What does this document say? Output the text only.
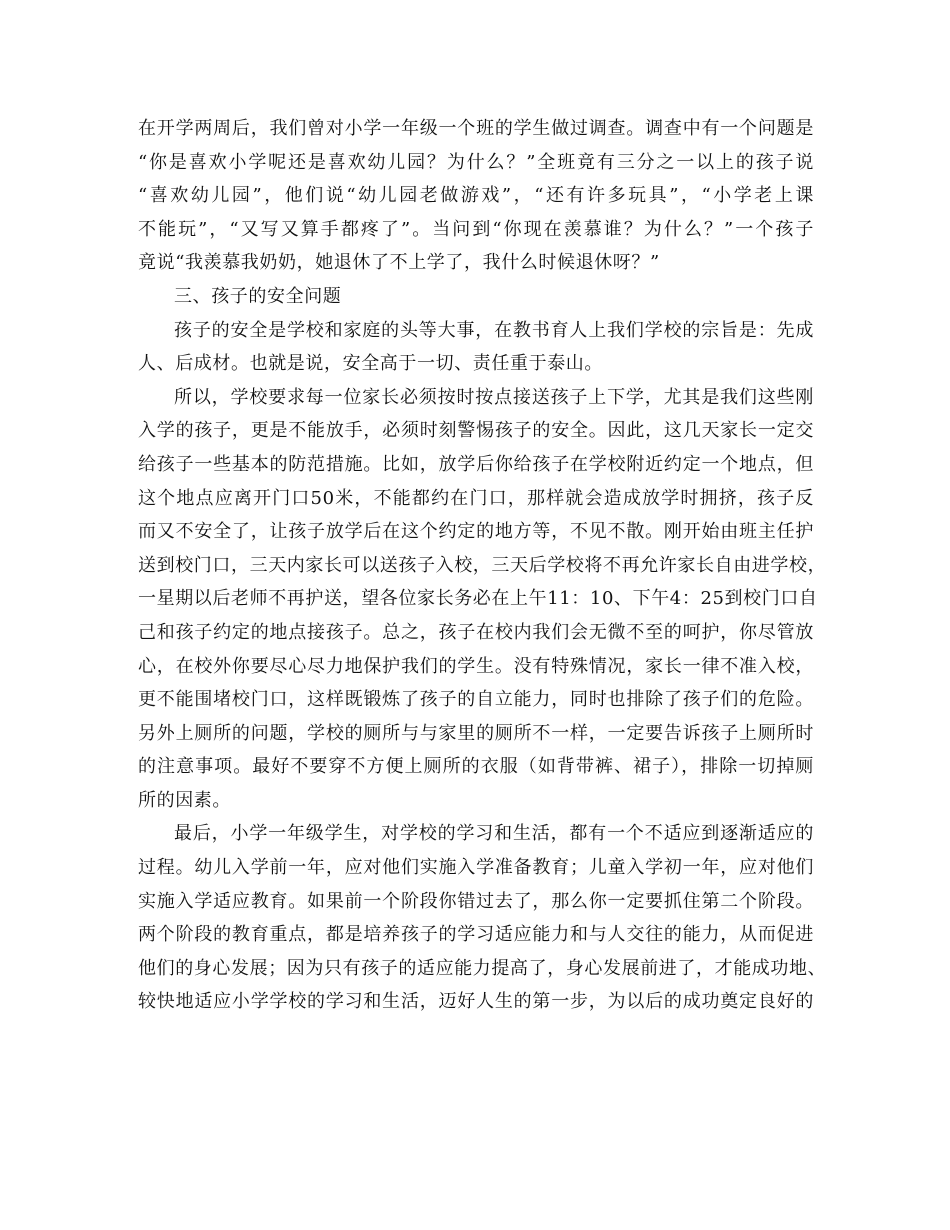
在开学两周后，我们曾对小学一年级一个班的学生做过调查。调查中有一个问题是
“你是喜欢小学呢还是喜欢幼儿园？为什么？”全班竟有三分之一以上的孩子说
“喜欢幼儿园”，他们说“幼儿园老做游戏”，“还有许多玩具”，“小学老上课
不能玩”，“又写又算手都疼了”。当问到“你现在羡慕谁？为什么？”一个孩子
竟说“我羡慕我奶奶，她退休了不上学了，我什么时候退休呀？”
三、孩子的安全问题
孩子的安全是学校和家庭的头等大事，在教书育人上我们学校的宗旨是：先成
人、后成材。也就是说，安全高于一切、责任重于泰山。
所以，学校要求每一位家长必须按时按点接送孩子上下学，尤其是我们这些刚
入学的孩子，更是不能放手，必须时刻警惕孩子的安全。因此，这几天家长一定交
给孩子一些基本的防范措施。比如，放学后你给孩子在学校附近约定一个地点，但
这个地点应离开门口50米，不能都约在门口，那样就会造成放学时拥挤，孩子反
而又不安全了，让孩子放学后在这个约定的地方等，不见不散。刚开始由班主任护
送到校门口，三天内家长可以送孩子入校，三天后学校将不再允许家长自由进学校，
一星期以后老师不再护送，望各位家长务必在上午11：10、下午4：25到校门口自
己和孩子约定的地点接孩子。总之，孩子在校内我们会无微不至的呵护，你尽管放
心，在校外你要尽心尽力地保护我们的学生。没有特殊情况，家长一律不准入校，
更不能围堵校门口，这样既锻炼了孩子的自立能力，同时也排除了孩子们的危险。
另外上厕所的问题，学校的厕所与与家里的厕所不一样，一定要告诉孩子上厕所时
的注意事项。最好不要穿不方便上厕所的衣服（如背带裤、裙子），排除一切掉厕
所的因素。
最后，小学一年级学生，对学校的学习和生活，都有一个不适应到逐渐适应的
过程。幼儿入学前一年，应对他们实施入学准备教育；儿童入学初一年，应对他们
实施入学适应教育。如果前一个阶段你错过去了，那么你一定要抓住第二个阶段。
两个阶段的教育重点，都是培养孩子的学习适应能力和与人交往的能力，从而促进
他们的身心发展；因为只有孩子的适应能力提高了，身心发展前进了，才能成功地、
较快地适应小学学校的学习和生活，迈好人生的第一步，为以后的成功奠定良好的
